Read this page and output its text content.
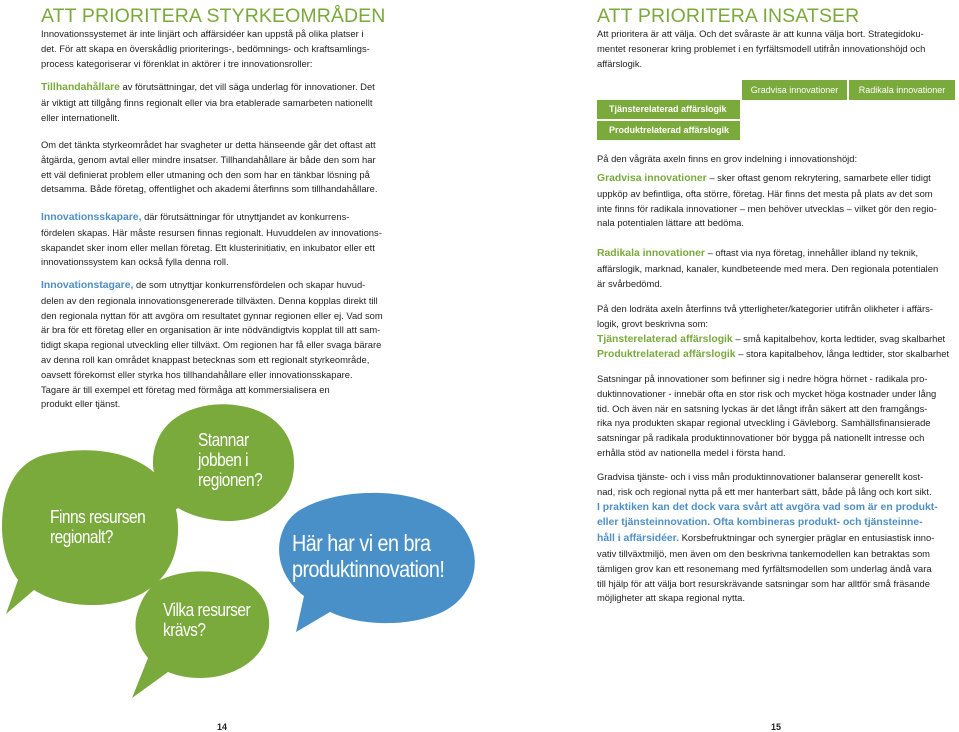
ATT PRIORITERA STYRKEOMRÅDEN

Innovationssystemet är inte linjärt och affärsidéer kan uppstå på olika platser i

det. För att skapa en överskådlig prioriterings-, bedömnings- och kraftsamlings-

process kategoriserar vi förenklat in aktörer i tre innovationsroller:

Tillhandahållare av förutsättningar, det vill säga underlag för innovationer. Det

är viktigt att tillgång finns regionalt eller via bra etablerade samarbeten nationellt

eller internationellt.

Om det tänkta styrkeområdet har svagheter ur detta hänseende går det oftast att

åtgärda, genom avtal eller mindre insatser. Tillhandahållare är både den som har

ett väl definierat problem eller utmaning och den som har en tänkbar lösning på

detsamma. Både företag, offentlighet och akademi återfinns som tillhandahållare.

Innovationsskapare, där förutsättningar för utnyttjandet av konkurrens-

fördelen skapas. Här måste resursen finnas regionalt. Huvuddelen av innovations-

skapandet sker inom eller mellan företag. Ett klusterinitiativ, en inkubator eller ett

innovationssystem kan också fylla denna roll.

Innovationstagare, de som utnyttjar konkurrensfördelen och skapar huvud-

delen av den regionala innovationsgenererade tillväxten. Denna kopplas direkt till

den regionala nyttan för att avgöra om resultatet gynnar regionen eller ej. Vad som

är bra för ett företag eller en organisation är inte nödvändigtvis kopplat till att sam-

tidigt skapa regional utveckling eller tillväxt. Om regionen har få eller svaga bärare

av denna roll kan området knappast betecknas som ett regionalt styrkeområde,

oavsett förekomst eller styrka hos tillhandahållare eller innovationsskapare.

Tagare är till exempel ett företag med förmåga att kommersialisera en

produkt eller tjänst.

Finns resursen
regionalt?
Stannar
jobben i
regionen?
Vilka resurser
krävs?
Här har vi en bra
produktinnovation!
14
ATT PRIORITERA INSATSER

Att prioritera är att välja. Och det svåraste är att kunna välja bort. Strategidoku-

mentet resonerar kring problemet i en fyrfältsmodell utifrån innovationshöjd och

affärslogik.

Gradvisa innovationer	Radikala innovationer
Tjänsterelaterad affärslogik
Produktrelaterad affärslogik

På den vågräta axeln finns en grov indelning i innovationshöjd:

Gradvisa innovationer – sker oftast genom rekrytering, samarbete eller tidigt

uppköp av befintliga, ofta större, företag. Här finns det mesta på plats av det som

inte finns för radikala innovationer – men behöver utvecklas – vilket gör den regio-

nala potentialen lättare att bedöma.

Radikala innovationer – oftast via nya företag, innehåller ibland ny teknik,

affärslogik, marknad, kanaler, kundbeteende med mera. Den regionala potentialen

är svårbedömd.

På den lodräta axeln återfinns två ytterligheter/kategorier utifrån olikheter i affärs-

logik, grovt beskrivna som:

Tjänsterelaterad affärslogik – små kapitalbehov, korta ledtider, svag skalbarhet

Produktrelaterad affärslogik – stora kapitalbehov, långa ledtider, stor skalbarhet

Satsningar på innovationer som befinner sig i nedre högra hörnet - radikala pro-

duktinnovationer - innebär ofta en stor risk och mycket höga kostnader under lång

tid. Och även när en satsning lyckas är det långt ifrån säkert att den framgångs-

rika nya produkten skapar regional utveckling i Gävleborg. Samhällsfinansierade

satsningar på radikala produktinnovationer bör bygga på nationellt intresse och

erhålla stöd av nationella medel i första hand.

Gradvisa tjänste- och i viss mån produktinnovationer balanserar generellt kost-

nad, risk och regional nytta på ett mer hanterbart sätt, både på lång och kort sikt.

I praktiken kan det dock vara svårt att avgöra vad som är en produkt-

eller tjänsteinnovation. Ofta kombineras produkt- och tjänsteinne-

håll i affärsidéer. Korsbefruktningar och synergier präglar en entusiastisk inno-

vativ tillväxtmiljö, men även om den beskrivna tankemodellen kan betraktas som

tämligen grov kan ett resonemang med fyrfältsmodellen som underlag ändå vara

till hjälp för att välja bort resurskrävande satsningar som har alltför små fräsande

möjligheter att skapa regional nytta.

15
